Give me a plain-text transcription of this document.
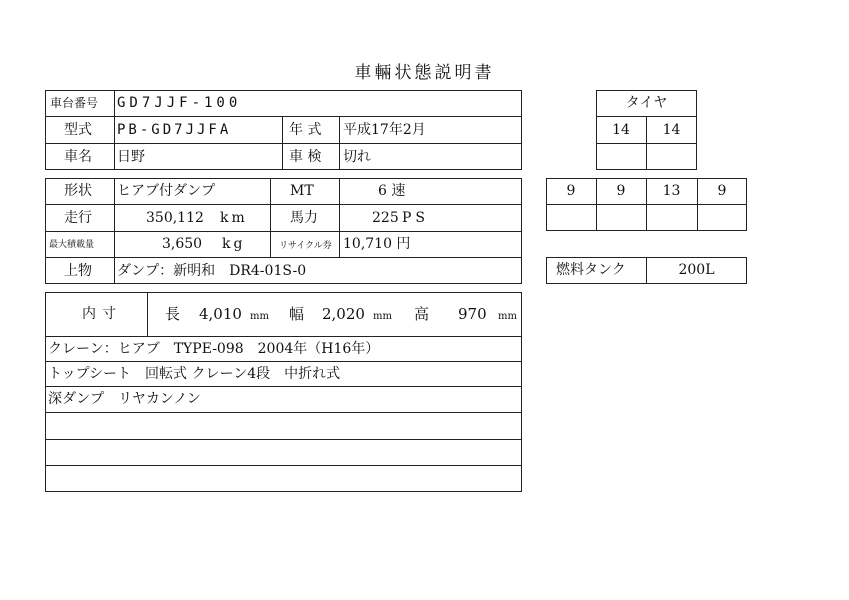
車輛状態説明書
車台番号 GD7JJF-100
型式 PB-GD7JJFA	年 式 平成17年2月
車名 日野	車 検 切れ
形状 ヒアブ付ダンプ	MT	6 速
走行	350,112 km	馬力	225 PS
最大積載量	3,650 kg	リサイクル券 10,710 円
上物 ダンプ：新明和　DR4-01S-0
内寸	長 4,010 mm 幅 2,020 mm 高 970 mm
クレーン：ヒアブ　TYPE-098　2004年（H16年）
トップシート　回転式 クレーン4段　中折れ式
深ダンプ　リヤカンノン
タイヤ
14	14
9	9	13	9
燃料タンク	200L
